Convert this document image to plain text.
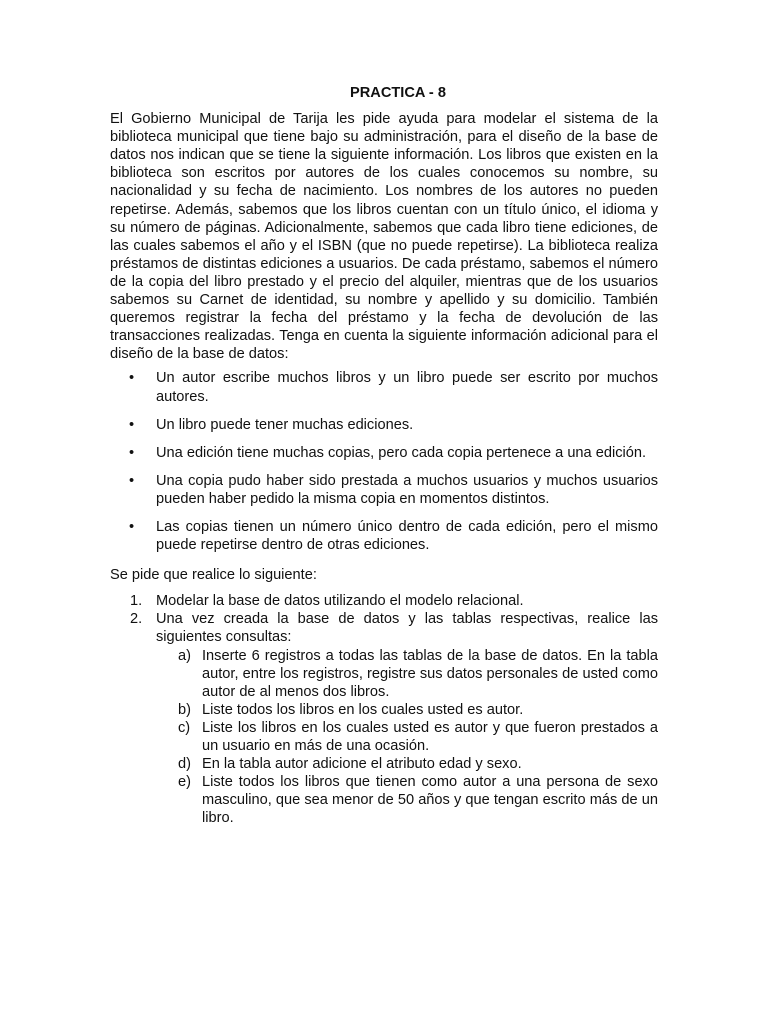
PRACTICA - 8

El Gobierno Municipal de Tarija les pide ayuda para modelar el sistema de la biblioteca municipal que tiene bajo su administración, para el diseño de la base de datos nos indican que se tiene la siguiente información. Los libros que existen en la biblioteca son escritos por autores de los cuales conocemos su nombre, su nacionalidad y su fecha de nacimiento. Los nombres de los autores no pueden repetirse. Además, sabemos que los libros cuentan con un título único, el idioma y su número de páginas. Adicionalmente, sabemos que cada libro tiene ediciones, de las cuales sabemos el año y el ISBN (que no puede repetirse). La biblioteca realiza préstamos de distintas ediciones a usuarios. De cada préstamo, sabemos el número de la copia del libro prestado y el precio del alquiler, mientras que de los usuarios sabemos su Carnet de identidad, su nombre y apellido y su domicilio. También queremos registrar la fecha del préstamo y la fecha de devolución de las transacciones realizadas. Tenga en cuenta la siguiente información adicional para el diseño de la base de datos:

• Un autor escribe muchos libros y un libro puede ser escrito por muchos autores.
• Un libro puede tener muchas ediciones.
• Una edición tiene muchas copias, pero cada copia pertenece a una edición.
• Una copia pudo haber sido prestada a muchos usuarios y muchos usuarios pueden haber pedido la misma copia en momentos distintos.
• Las copias tienen un número único dentro de cada edición, pero el mismo puede repetirse dentro de otras ediciones.

Se pide que realice lo siguiente:

1. Modelar la base de datos utilizando el modelo relacional.
2. Una vez creada la base de datos y las tablas respectivas, realice las siguientes consultas:
a) Inserte 6 registros a todas las tablas de la base de datos. En la tabla autor, entre los registros, registre sus datos personales de usted como autor de al menos dos libros.
b) Liste todos los libros en los cuales usted es autor.
c) Liste los libros en los cuales usted es autor y que fueron prestados a un usuario en más de una ocasión.
d) En la tabla autor adicione el atributo edad y sexo.
e) Liste todos los libros que tienen como autor a una persona de sexo masculino, que sea menor de 50 años y que tengan escrito más de un libro.
